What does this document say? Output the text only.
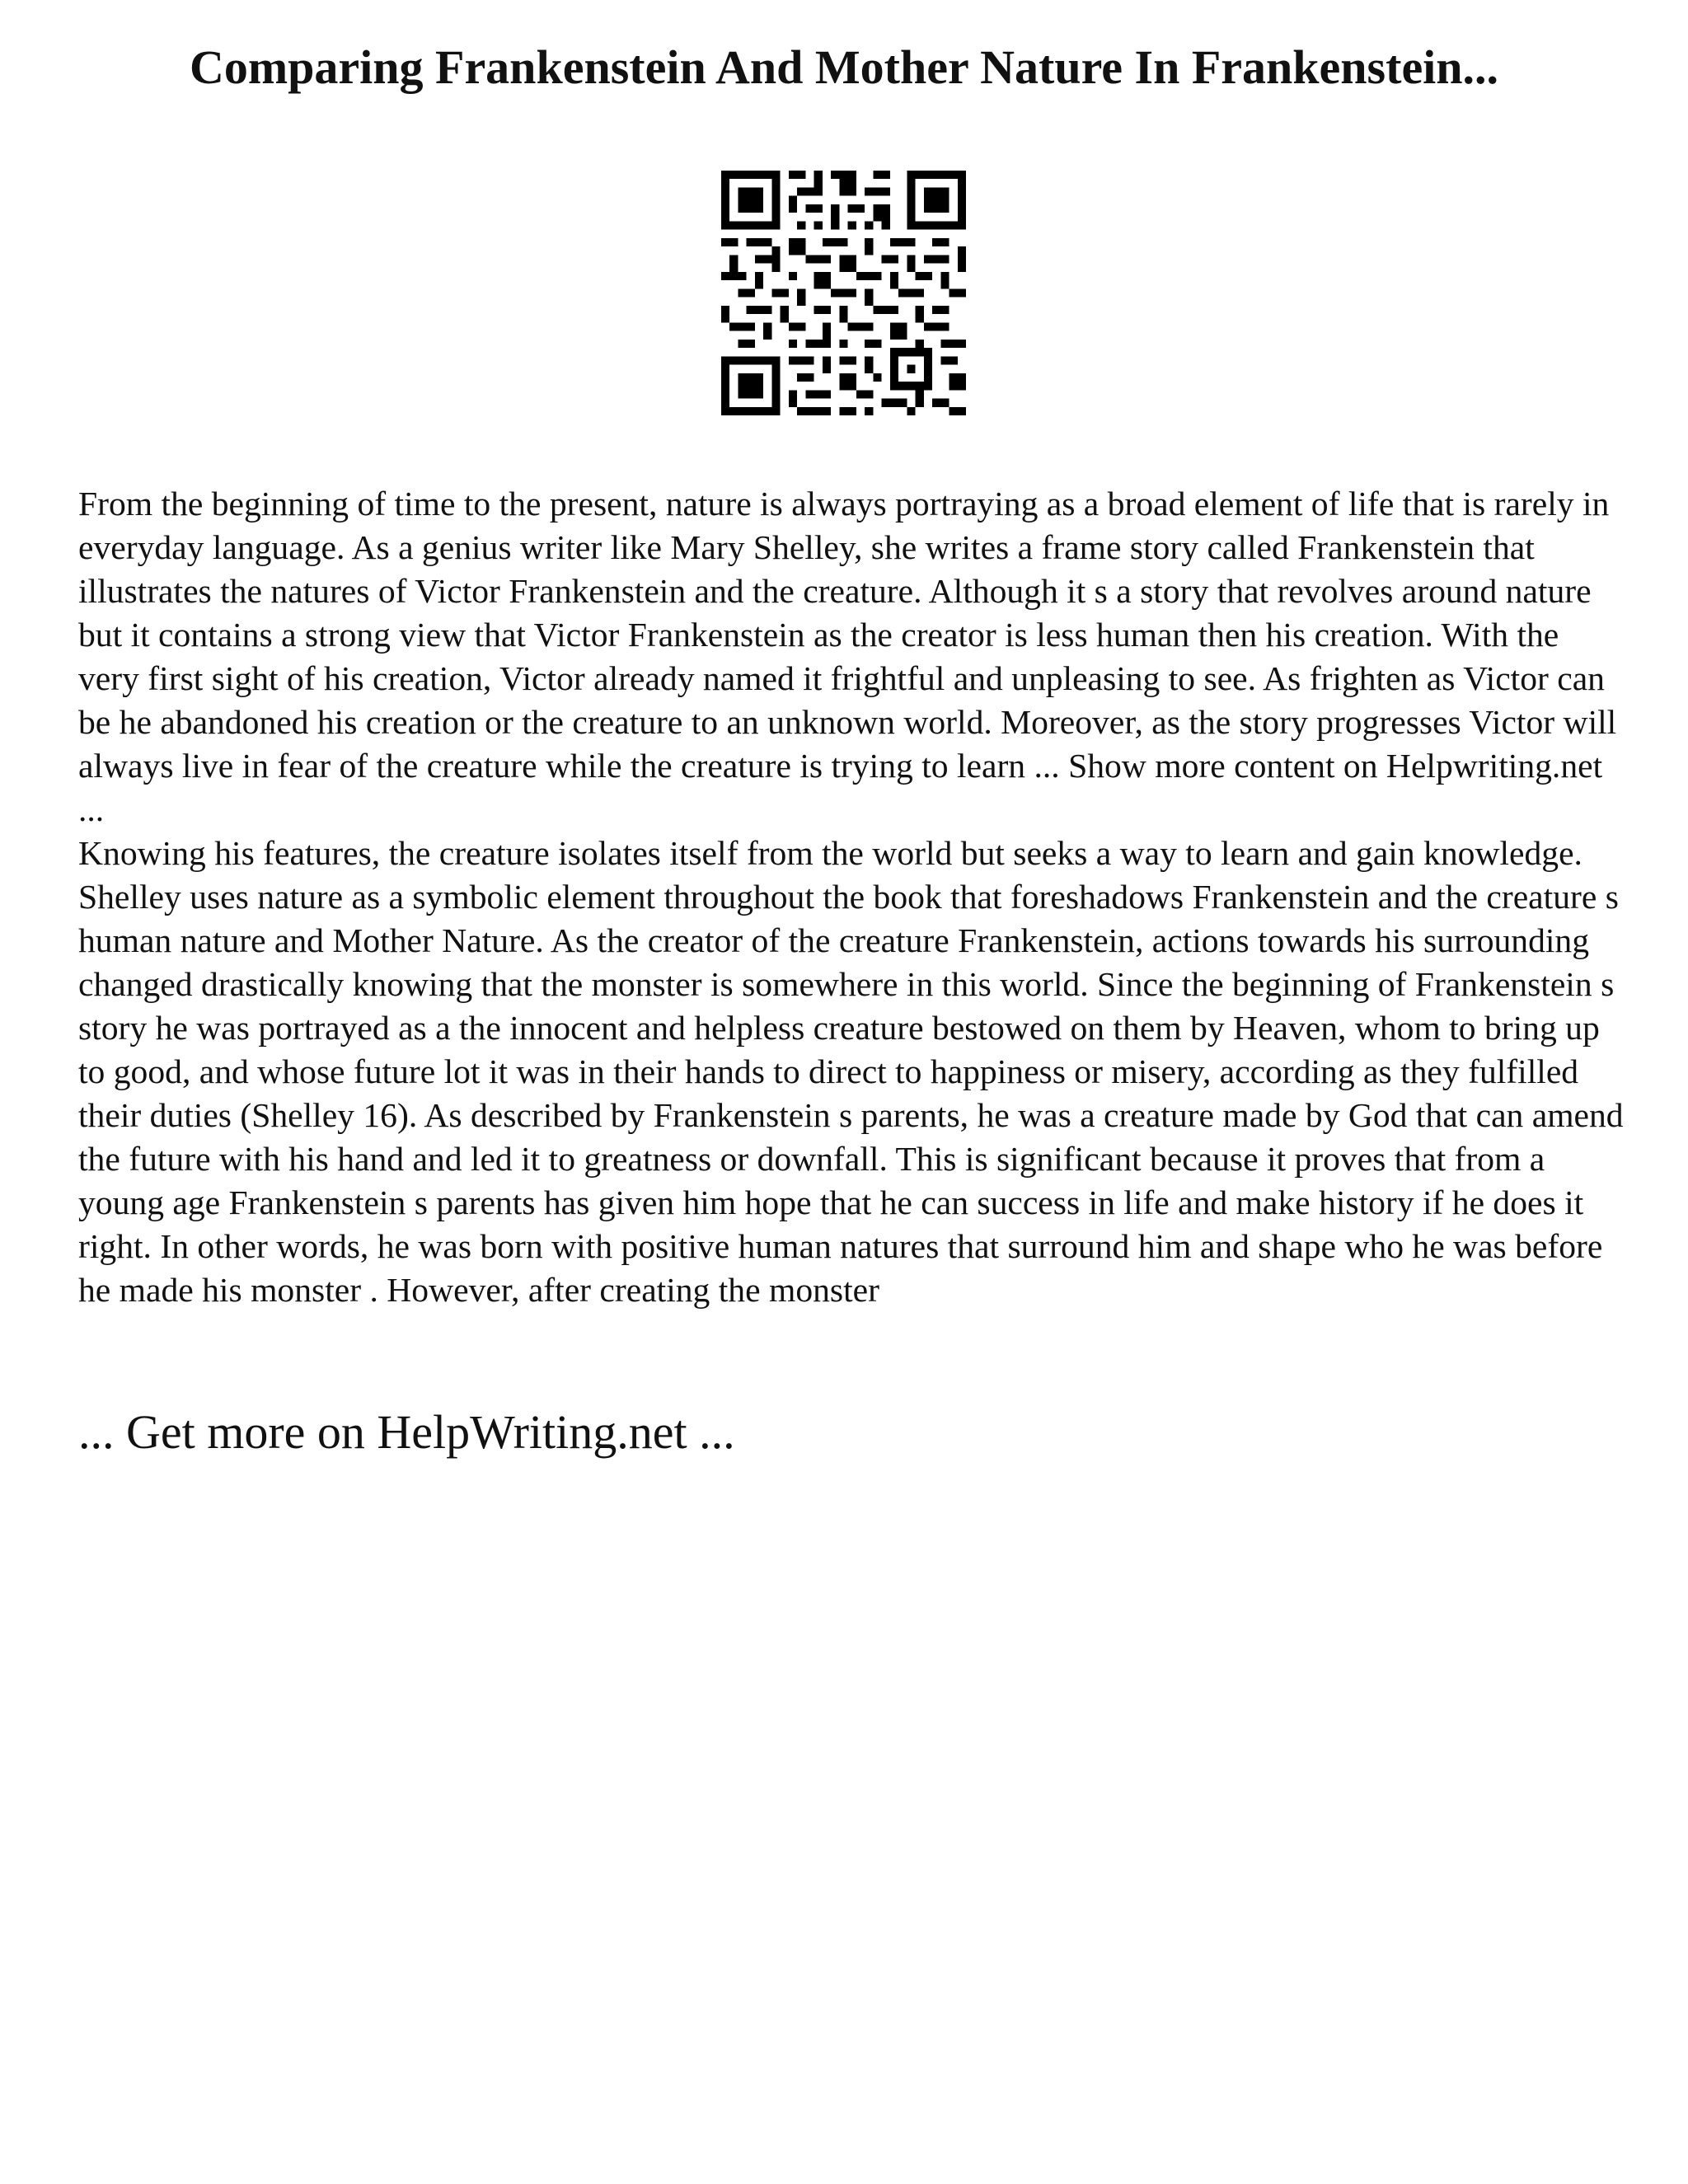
Comparing Frankenstein And Mother Nature In Frankenstein...

From the beginning of time to the present, nature is always portraying as a broad element of life that is rarely in everyday language. As a genius writer like Mary Shelley, she writes a frame story called Frankenstein that illustrates the natures of Victor Frankenstein and the creature. Although it s a story that revolves around nature but it contains a strong view that Victor Frankenstein as the creator is less human then his creation. With the very first sight of his creation, Victor already named it frightful and unpleasing to see. As frighten as Victor can be he abandoned his creation or the creature to an unknown world. Moreover, as the story progresses Victor will always live in fear of the creature while the creature is trying to learn ... Show more content on Helpwriting.net ...

Knowing his features, the creature isolates itself from the world but seeks a way to learn and gain knowledge. Shelley uses nature as a symbolic element throughout the book that foreshadows Frankenstein and the creature s human nature and Mother Nature. As the creator of the creature Frankenstein, actions towards his surrounding changed drastically knowing that the monster is somewhere in this world. Since the beginning of Frankenstein s story he was portrayed as a the innocent and helpless creature bestowed on them by Heaven, whom to bring up to good, and whose future lot it was in their hands to direct to happiness or misery, according as they fulfilled their duties (Shelley 16). As described by Frankenstein s parents, he was a creature made by God that can amend the future with his hand and led it to greatness or downfall. This is significant because it proves that from a young age Frankenstein s parents has given him hope that he can success in life and make history if he does it right. In other words, he was born with positive human natures that surround him and shape who he was before he made his monster . However, after creating the monster

... Get more on HelpWriting.net ...
